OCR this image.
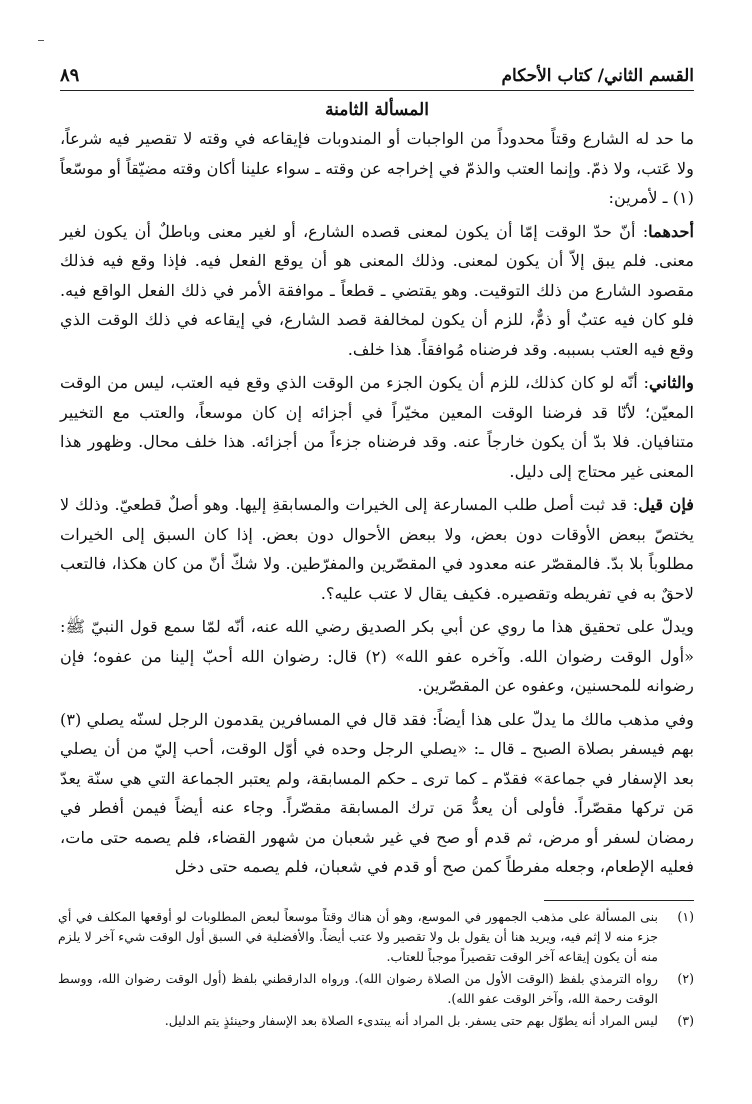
القسم الثاني/ كتاب الأحكام
٨٩
المسألة الثامنة

ما حد له الشارع وقتاً محدوداً من الواجبات أو المندوبات فإيقاعه في وقته لا تقصير فيه شرعاً، ولا عَتب، ولا ذمّ. وإنما العتب والذمّ في إخراجه عن وقته ـ سواء علينا أكان وقته مضيّقاً أو موسّعاً (١) ـ لأمرين:

أحدهما: أنّ حدّ الوقت إمّا أن يكون لمعنى قصده الشارع، أو لغير معنى وباطلٌ أن يكون لغير معنى. فلم يبق إلاّ أن يكون لمعنى. وذلك المعنى هو أن يوقع الفعل فيه. فإذا وقع فيه فذلك مقصود الشارع من ذلك التوقيت. وهو يقتضي ـ قطعاً ـ موافقة الأمر في ذلك الفعل الواقع فيه. فلو كان فيه عتبٌ أو ذمٌّ، للزم أن يكون لمخالفة قصد الشارع، في إيقاعه في ذلك الوقت الذي وقع فيه العتب بسببه. وقد فرضناه مُوافقاً. هذا خلف.

والثاني: أنّه لو كان كذلك، للزم أن يكون الجزء من الوقت الذي وقع فيه العتب، ليس من الوقت المعيّن؛ لأنّا قد فرضنا الوقت المعين مخيّراً في أجزائه إن كان موسعاً، والعتب مع التخيير متنافيان. فلا بدّ أن يكون خارجاً عنه. وقد فرضناه جزءاً من أجزائه. هذا خلف محال. وظهور هذا المعنى غير محتاج إلى دليل.

فإن قيل: قد ثبت أصل طلب المسارعة إلى الخيرات والمسابقةِ إليها. وهو أصلٌ قطعيّ. وذلك لا يختصّ ببعض الأوقات دون بعض، ولا ببعض الأحوال دون بعض. إذا كان السبق إلى الخيرات مطلوباً بلا بدّ. فالمقصّر عنه معدود في المقصّرين والمفرّطين. ولا شكّ أنّ من كان هكذا، فالتعب لاحقٌ به في تفريطه وتقصيره. فكيف يقال لا عتب عليه؟.

ويدلّ على تحقيق هذا ما روي عن أبي بكر الصديق رضي الله عنه، أنّه لمّا سمع قول النبيّ ﷺ: «أول الوقت رضوان الله. وآخره عفو الله» (٢) قال: رضوان الله أحبّ إلينا من عفوه؛ فإن رضوانه للمحسنين، وعفوه عن المقصّرين.

وفي مذهب مالك ما يدلّ على هذا أيضاً: فقد قال في المسافرين يقدمون الرجل لسنّه يصلي (٣) بهم فيسفر بصلاة الصبح ـ قال ـ: «يصلي الرجل وحده في أوّل الوقت، أحب إليّ من أن يصلي بعد الإسفار في جماعة» فقدّم ـ كما ترى ـ حكم المسابقة، ولم يعتبر الجماعة التي هي سنّة يعدّ مَن تركها مقصّراً. فأولى أن يعدُّ مَن ترك المسابقة مقصّراً. وجاء عنه أيضاً فيمن أفطر في رمضان لسفر أو مرض، ثم قدم أو صح في غير شعبان من شهور القضاء، فلم يصمه حتى مات، فعليه الإطعام، وجعله مفرطاً كمن صح أو قدم في شعبان، فلم يصمه حتى دخل

(١)
بنى المسألة على مذهب الجمهور في الموسع، وهو أن هناك وقتاً موسعاً لبعض المطلوبات لو أوقعها المكلف في أي جزء منه لا إثم فيه، ويريد هنا أن يقول بل ولا تقصير ولا عتب أيضاً. والأفضلية في السبق أول الوقت شيء آخر لا يلزم منه أن يكون إيقاعه آخر الوقت تقصيراً موجباً للعتاب.
(٢)
رواه الترمذي بلفظ (الوقت الأول من الصلاة رضوان الله). ورواه الدارقطني بلفظ (أول الوقت رضوان الله، ووسط الوقت رحمة الله، وآخر الوقت عفو الله).
(٣)
ليس المراد أنه يطوّل بهم حتى يسفر. بل المراد أنه يبتدىء الصلاة بعد الإسفار وحينئذٍ يتم الدليل.
